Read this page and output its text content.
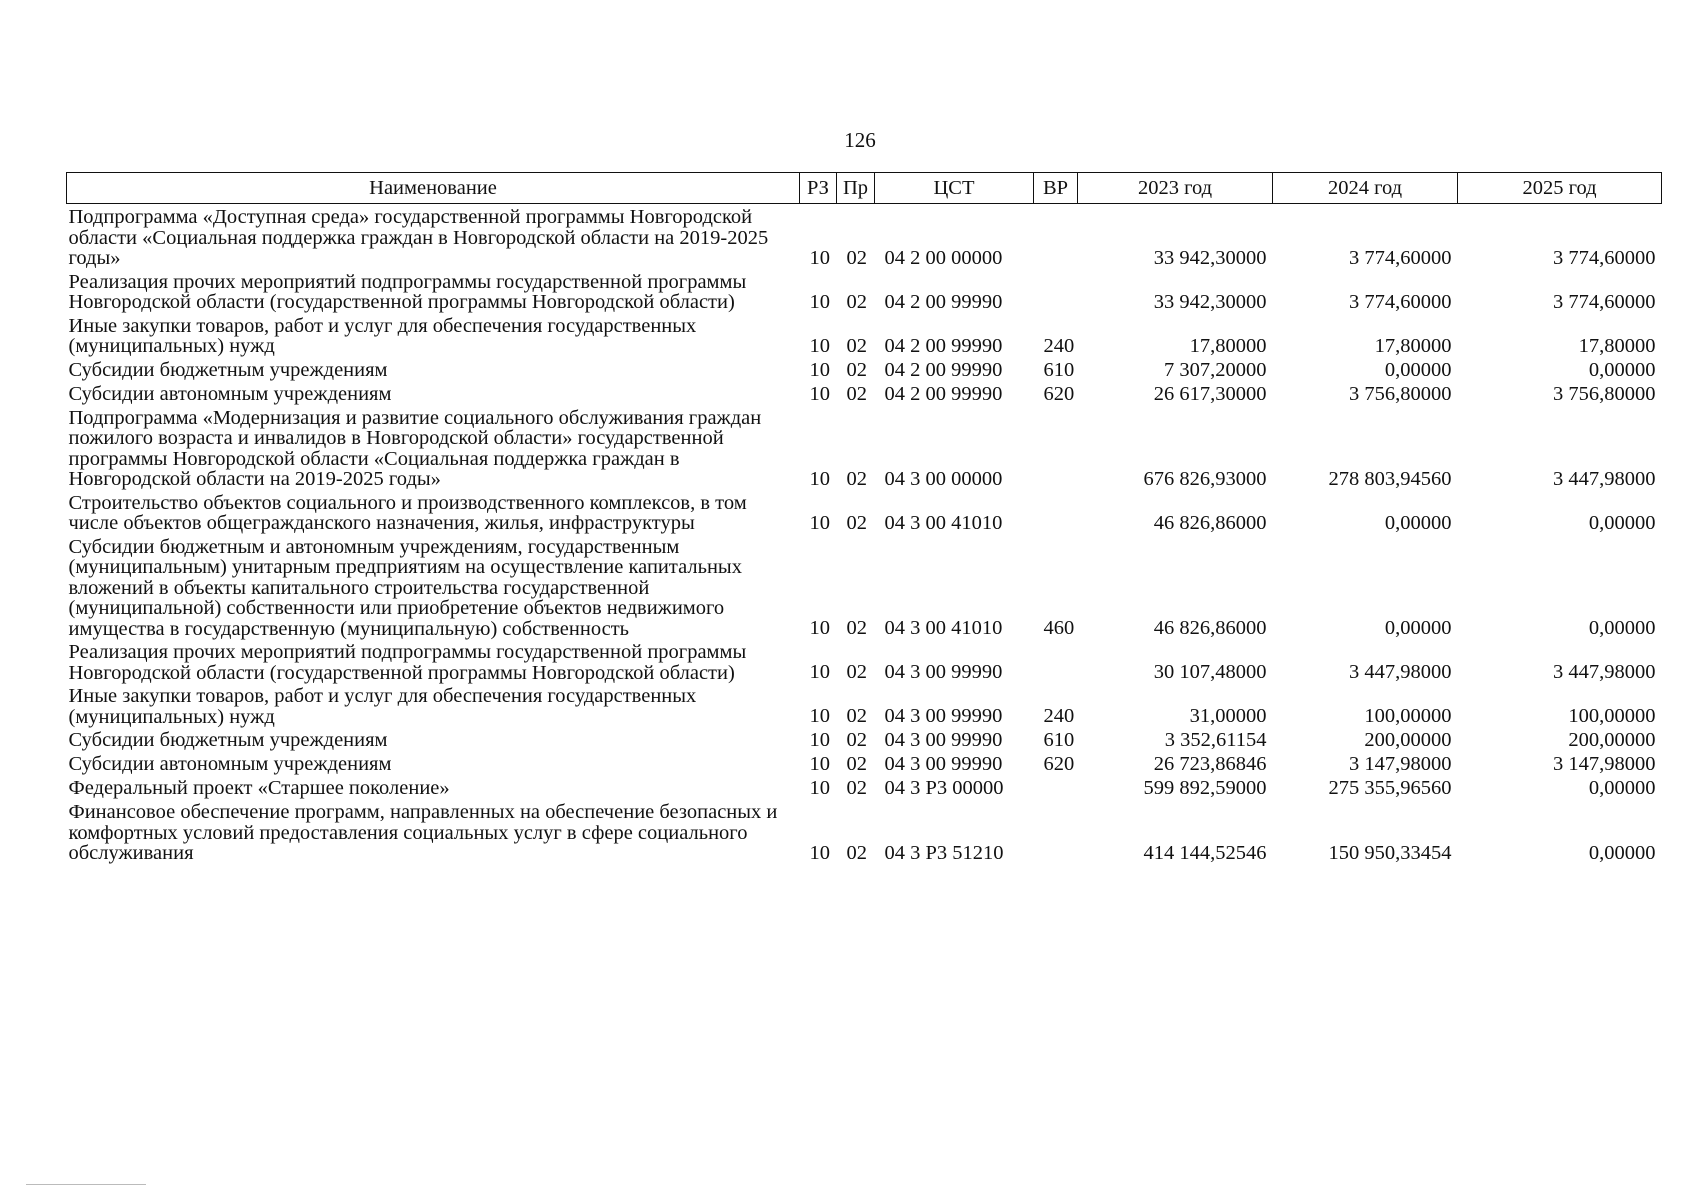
126
Наименование	РЗ	Пр	ЦСТ	ВР	2023 год	2024 год	2025 год
Подпрограмма «Доступная среда» государственной программы Новгородской области «Социальная поддержка граждан в Новгородской области на 2019-2025 годы»	10	02	04 2 00 00000		33 942,30000	3 774,60000	3 774,60000
Реализация прочих мероприятий подпрограммы государственной программы Новгородской области (государственной программы Новгородской области)	10	02	04 2 00 99990		33 942,30000	3 774,60000	3 774,60000
Иные закупки товаров, работ и услуг для обеспечения государственных (муниципальных) нужд	10	02	04 2 00 99990	240	17,80000	17,80000	17,80000
Субсидии бюджетным учреждениям	10	02	04 2 00 99990	610	7 307,20000	0,00000	0,00000
Субсидии автономным учреждениям	10	02	04 2 00 99990	620	26 617,30000	3 756,80000	3 756,80000
Подпрограмма «Модернизация и развитие социального обслуживания граждан пожилого возраста и инвалидов в Новгородской области» государственной программы Новгородской области «Социальная поддержка граждан в Новгородской области на 2019-2025 годы»	10	02	04 3 00 00000		676 826,93000	278 803,94560	3 447,98000
Строительство объектов социального и производственного комплексов, в том числе объектов общегражданского назначения, жилья, инфраструктуры	10	02	04 3 00 41010		46 826,86000	0,00000	0,00000
Субсидии бюджетным и автономным учреждениям, государственным (муниципальным) унитарным предприятиям на осуществление капитальных вложений в объекты капитального строительства государственной (муниципальной) собственности или приобретение объектов недвижимого имущества в государственную (муниципальную) собственность	10	02	04 3 00 41010	460	46 826,86000	0,00000	0,00000
Реализация прочих мероприятий подпрограммы государственной программы Новгородской области (государственной программы Новгородской области)	10	02	04 3 00 99990		30 107,48000	3 447,98000	3 447,98000
Иные закупки товаров, работ и услуг для обеспечения государственных (муниципальных) нужд	10	02	04 3 00 99990	240	31,00000	100,00000	100,00000
Субсидии бюджетным учреждениям	10	02	04 3 00 99990	610	3 352,61154	200,00000	200,00000
Субсидии автономным учреждениям	10	02	04 3 00 99990	620	26 723,86846	3 147,98000	3 147,98000
Федеральный проект «Старшее поколение»	10	02	04 3 Р3 00000		599 892,59000	275 355,96560	0,00000
Финансовое обеспечение программ, направленных на обеспечение безопасных и комфортных условий предоставления социальных услуг в сфере социального обслуживания	10	02	04 3 Р3 51210		414 144,52546	150 950,33454	0,00000
